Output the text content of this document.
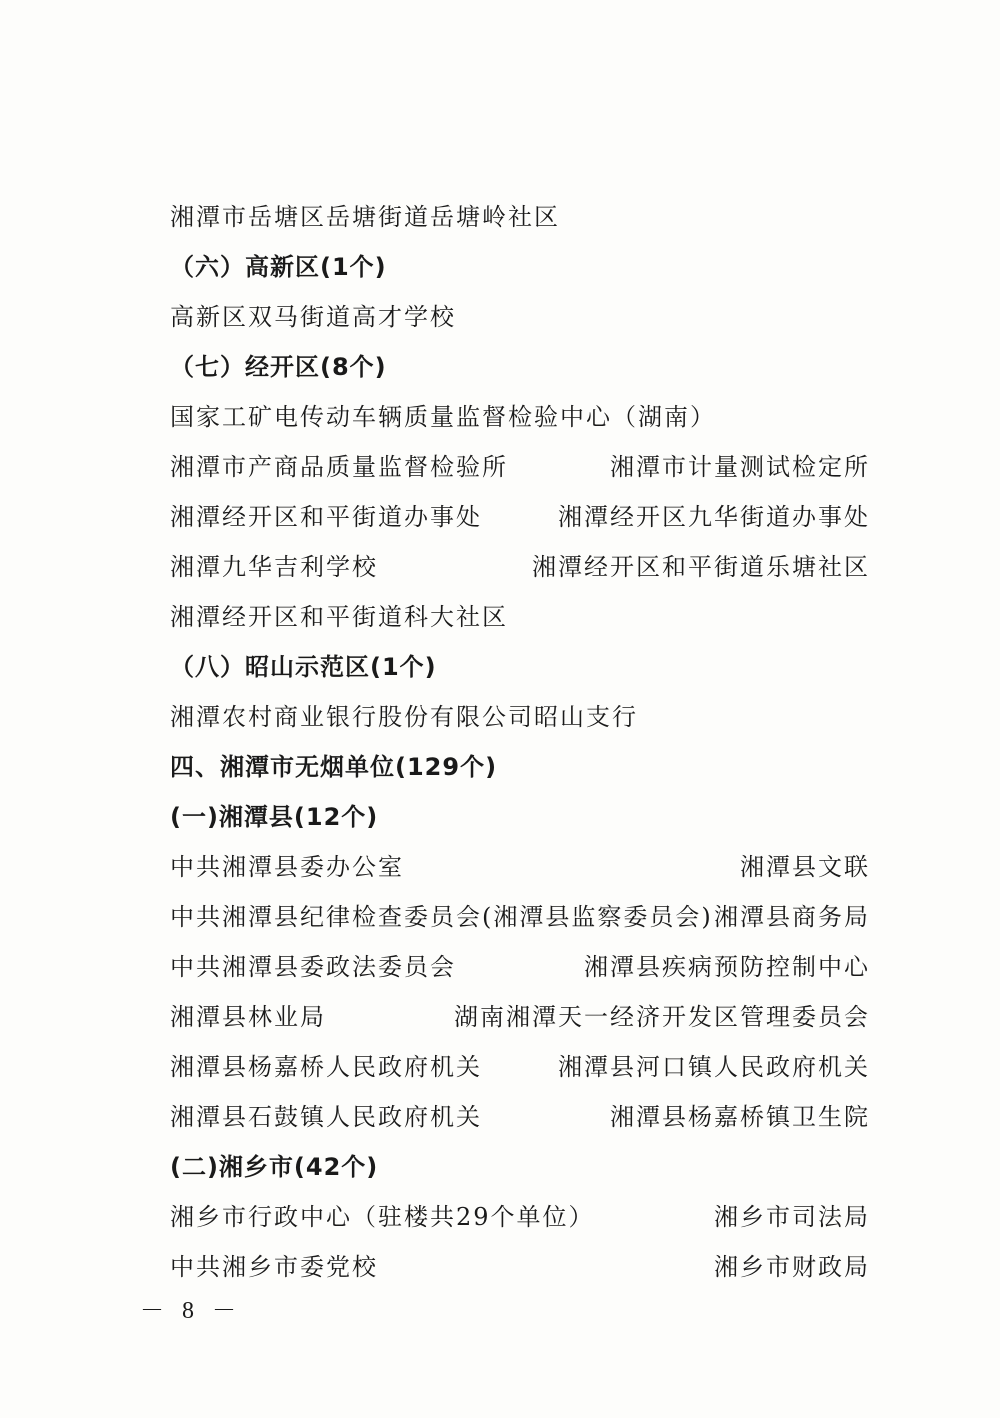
湘潭市岳塘区岳塘街道岳塘岭社区
（六）高新区(1个)
高新区双马街道高才学校
（七）经开区(8个)
国家工矿电传动车辆质量监督检验中心（湖南）
湘潭市产商品质量监督检验所	湘潭市计量测试检定所
湘潭经开区和平街道办事处	湘潭经开区九华街道办事处
湘潭九华吉利学校	湘潭经开区和平街道乐塘社区
湘潭经开区和平街道科大社区
（八）昭山示范区(1个)
湘潭农村商业银行股份有限公司昭山支行
四、湘潭市无烟单位(129个)
(一)湘潭县(12个)
中共湘潭县委办公室	湘潭县文联
中共湘潭县纪律检查委员会(湘潭县监察委员会) 湘潭县商务局
中共湘潭县委政法委员会	湘潭县疾病预防控制中心
湘潭县林业局	湖南湘潭天一经济开发区管理委员会
湘潭县杨嘉桥人民政府机关	湘潭县河口镇人民政府机关
湘潭县石鼓镇人民政府机关	湘潭县杨嘉桥镇卫生院
(二)湘乡市(42个)
湘乡市行政中心（驻楼共29个单位）	湘乡市司法局
中共湘乡市委党校	湘乡市财政局
－ 8 －
